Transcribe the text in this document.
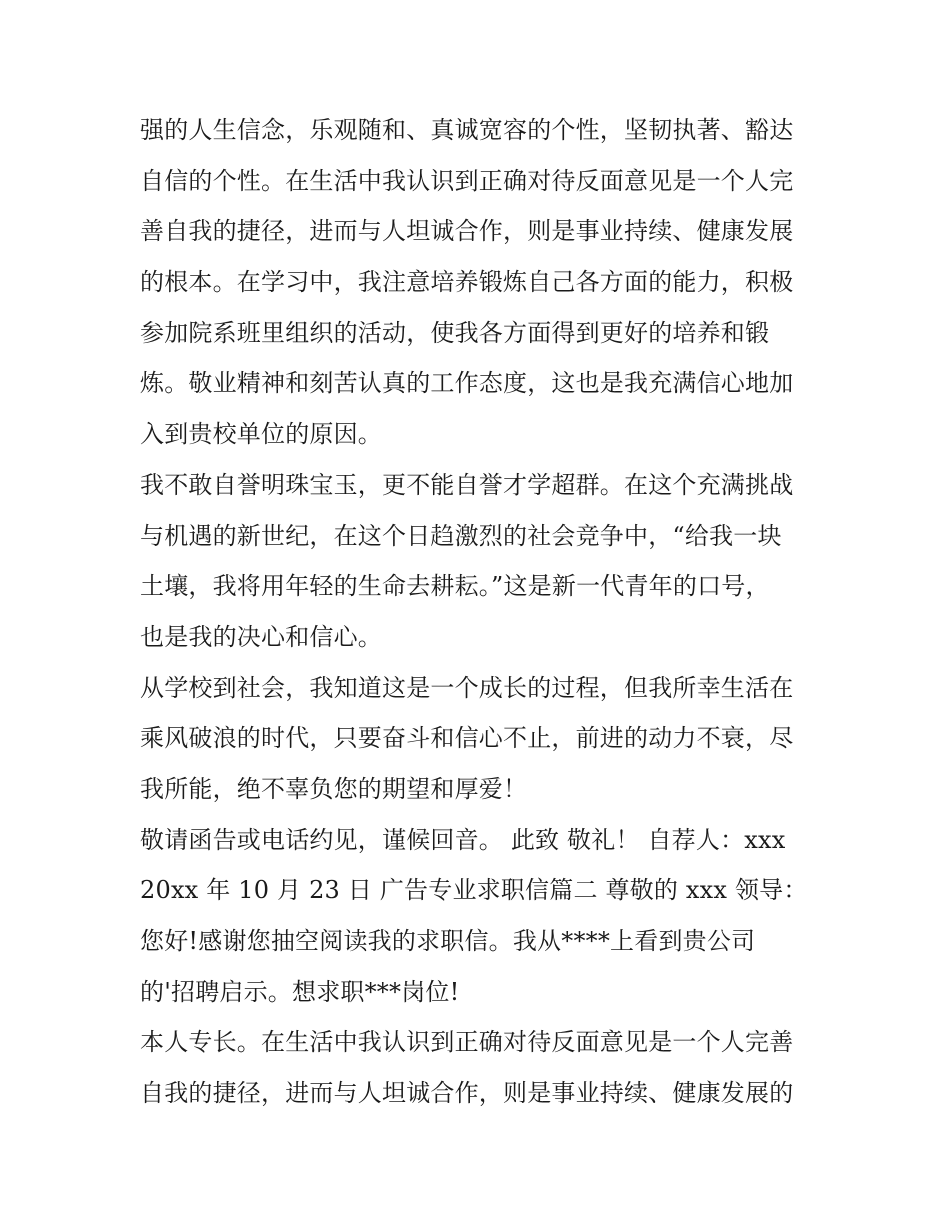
强的人生信念，乐观随和、真诚宽容的个性，坚韧执著、豁达
自信的个性。在生活中我认识到正确对待反面意见是一个人完
善自我的捷径，进而与人坦诚合作，则是事业持续、健康发展
的根本。在学习中，我注意培养锻炼自己各方面的能力，积极
参加院系班里组织的活动，使我各方面得到更好的培养和锻
炼。敬业精神和刻苦认真的工作态度，这也是我充满信心地加
入到贵校单位的原因。
我不敢自誉明珠宝玉，更不能自誉才学超群。在这个充满挑战
与机遇的新世纪，在这个日趋激烈的社会竞争中，“给我一块
土壤，我将用年轻的生命去耕耘。”这是新一代青年的口号，
也是我的决心和信心。
从学校到社会，我知道这是一个成长的过程，但我所幸生活在
乘风破浪的时代，只要奋斗和信心不止，前进的动力不衰，尽
我所能，绝不辜负您的期望和厚爱！
敬请函告或电话约见，谨候回音。 此致 敬礼！ 自荐人：xxx
20xx 年 10 月 23 日 广告专业求职信篇二 尊敬的 xxx 领导：
您好!感谢您抽空阅读我的求职信。我从****上看到贵公司
的'招聘启示。想求职***岗位!
本人专长。在生活中我认识到正确对待反面意见是一个人完善
自我的捷径，进而与人坦诚合作，则是事业持续、健康发展的
